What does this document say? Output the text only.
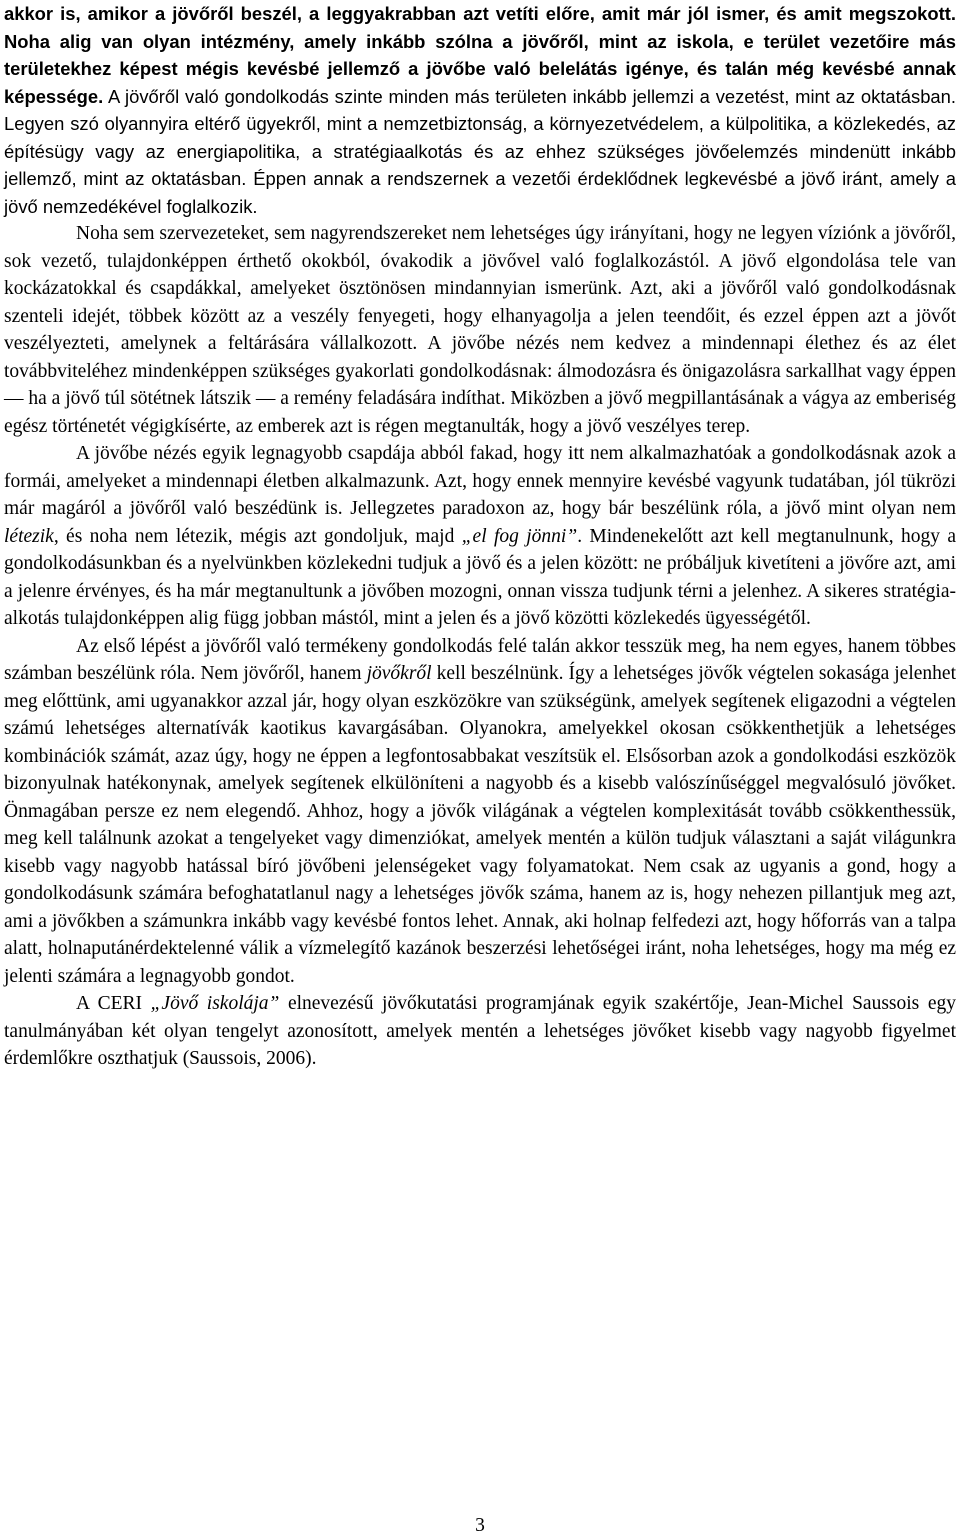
akkor is, amikor a jövőről beszél, a leggyakrabban azt vetíti előre, amit már jól ismer, és amit megszokott. Noha alig van olyan intézmény, amely inkább szólna a jövőről, mint az iskola, e terület vezetőire más területekhez képest mégis kevésbé jellemző a jövőbe való belelátás igénye, és talán még kevésbé annak képessége. A jövőről való gondolkodás szinte minden más területen inkább jellemzi a vezetést, mint az oktatásban. Legyen szó olyannyira eltérő ügyekről, mint a nemzetbiztonság, a környezetvédelem, a külpolitika, a közlekedés, az építésügy vagy az energiapolitika, a stratégiaalkotás és az ehhez szükséges jövőelemzés mindenütt inkább jellemző, mint az oktatásban. Éppen annak a rendszernek a vezetői érdeklődnek legkevésbé a jövő iránt, amely a jövő nemzedékével foglalkozik.

Noha sem szervezeteket, sem nagyrendszereket nem lehetséges úgy irányítani, hogy ne legyen víziónk a jövőről, sok vezető, tulajdonképpen érthető okokból, óvakodik a jövővel való foglalkozástól. A jövő elgondolása tele van kockázatokkal és csapdákkal, amelyeket ösztönösen mindannyian ismerünk. Azt, aki a jövőről való gondolkodásnak szenteli idejét, többek között az a veszély fenyegeti, hogy elhanyagolja a jelen teendőit, és ezzel éppen azt a jövőt veszélyezteti, amelynek a feltárására vállalkozott. A jövőbe nézés nem kedvez a mindennapi élethez és az élet továbbviteléhez mindenképpen szükséges gyakorlati gondolkodásnak: álmodozásra és önigazolásra sarkallhat vagy éppen ― ha a jövő túl sötétnek látszik ― a remény feladására indíthat. Miközben a jövő megpillantásának a vágya az emberiség egész történetét végigkísérte, az emberek azt is régen megtanulták, hogy a jövő veszélyes terep.

A jövőbe nézés egyik legnagyobb csapdája abból fakad, hogy itt nem alkalmazhatóak a gondolkodásnak azok a formái, amelyeket a mindennapi életben alkalmazunk. Azt, hogy ennek mennyire kevésbé vagyunk tudatában, jól tükrözi már magáról a jövőről való beszédünk is. Jellegzetes paradoxon az, hogy bár beszélünk róla, a jövő mint olyan nem létezik, és noha nem létezik, mégis azt gondoljuk, majd „el fog jönni”. Mindenekelőtt azt kell megtanulnunk, hogy a gondolkodásunkban és a nyelvünkben közlekedni tudjuk a jövő és a jelen között: ne próbáljuk kivetíteni a jövőre azt, ami a jelenre érvényes, és ha már megtanultunk a jövőben mozogni, onnan vissza tudjunk térni a jelenhez. A sikeres stratégiaalkotás tulajdonképpen alig függ jobban mástól, mint a jelen és a jövő közötti közlekedés ügyességétől.

Az első lépést a jövőről való termékeny gondolkodás felé talán akkor tesszük meg, ha nem egyes, hanem többes számban beszélünk róla. Nem jövőről, hanem jövőkről kell beszélnünk. Így a lehetséges jövők végtelen sokasága jelenhet meg előttünk, ami ugyanakkor azzal jár, hogy olyan eszközökre van szükségünk, amelyek segítenek eligazodni a végtelen számú lehetséges alternatívák kaotikus kavargásában. Olyanokra, amelyekkel okosan csökkenthetjük a lehetséges kombinációk számát, azaz úgy, hogy ne éppen a legfontosabbakat veszítsük el. Elsősorban azok a gondolkodási eszközök bizonyulnak hatékonynak, amelyek segítenek elkülöníteni a nagyobb és a kisebb valószínűséggel megvalósuló jövőket. Önmagában persze ez nem elegendő. Ahhoz, hogy a jövők világának a végtelen komplexitását tovább csökkenthessük, meg kell találnunk azokat a tengelyeket vagy dimenziókat, amelyek mentén a külön tudjuk választani a saját világunkra kisebb vagy nagyobb hatással bíró jövőbeni jelenségeket vagy folyamatokat. Nem csak az ugyanis a gond, hogy a gondolkodásunk számára befoghatatlanul nagy a lehetséges jövők száma, hanem az is, hogy nehezen pillantjuk meg azt, ami a jövőkben a számunkra inkább vagy kevésbé fontos lehet. Annak, aki holnap felfedezi azt, hogy hőforrás van a talpa alatt, holnaputánérdektelenné válik a vízmelegítő kazánok beszerzési lehetőségei iránt, noha lehetséges, hogy ma még ez jelenti számára a legnagyobb gondot.

A CERI „Jövő iskolája” elnevezésű jövőkutatási programjának egyik szakértője, Jean-Michel Saussois egy tanulmányában két olyan tengelyt azonosított, amelyek mentén a lehetséges jövőket kisebb vagy nagyobb figyelmet érdemlőkre oszthatjuk (Saussois, 2006).

3
